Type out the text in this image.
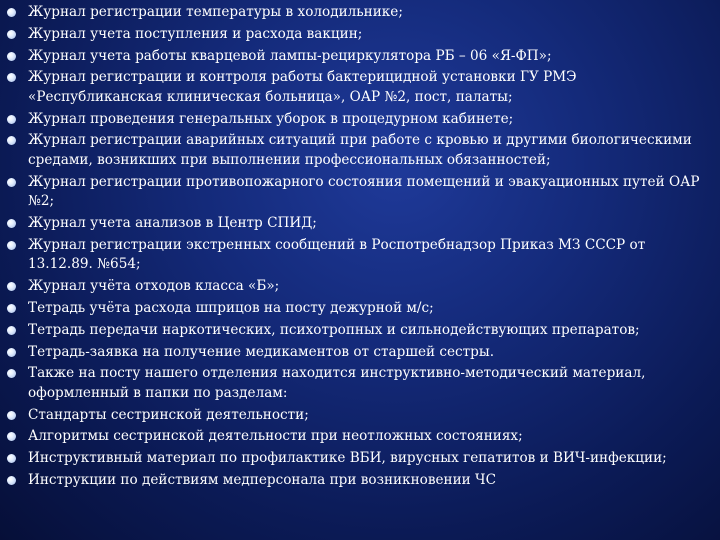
Журнал регистрации температуры в холодильнике;
Журнал учета поступления и расхода вакцин;
Журнал учета работы кварцевой лампы-рециркулятора РБ – 06 «Я-ФП»;
Журнал регистрации и контроля работы бактерицидной установки ГУ РМЭ «Республиканская клиническая больница», ОАР №2, пост, палаты;
Журнал проведения генеральных уборок в процедурном кабинете;
Журнал регистрации аварийных ситуаций при работе с кровью и другими биологическими средами, возникших при выполнении профессиональных обязанностей;
Журнал регистрации противопожарного состояния помещений и эвакуационных путей ОАР №2;
Журнал учета анализов в Центр СПИД;
Журнал регистрации экстренных сообщений в Роспотребнадзор Приказ МЗ СССР от 13.12.89. №654;
Журнал учёта отходов класса «Б»;
Тетрадь учёта расхода шприцов на посту дежурной м/с;
Тетрадь передачи наркотических, психотропных и сильнодействующих препаратов;
Тетрадь-заявка на получение медикаментов от старшей сестры.
Также на посту нашего отделения находится инструктивно-методический материал, оформленный в папки по разделам:
Стандарты сестринской деятельности;
Алгоритмы сестринской деятельности при неотложных состояниях;
Инструктивный материал по профилактике ВБИ, вирусных гепатитов и ВИЧ-инфекции;
Инструкции по действиям медперсонала при возникновении ЧС
